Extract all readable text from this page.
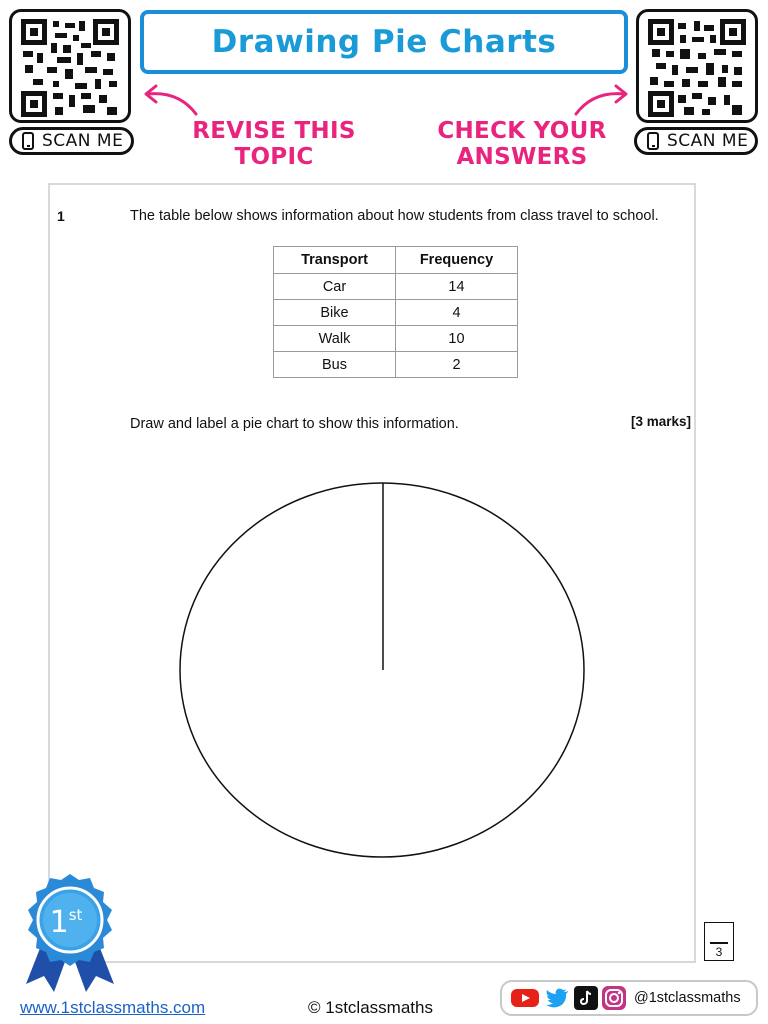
SCAN ME
Drawing Pie Charts
REVISE THIS
TOPIC
CHECK YOUR
ANSWERS
SCAN ME
1	The table below shows information about how students from class travel to school.
Transport	Frequency
Car	14
Bike	4
Walk	10
Bus	2
Draw and label a pie chart to show this information.	[3 marks]
3
1st
www.1stclassmaths.com	© 1stclassmaths	@1stclassmaths
